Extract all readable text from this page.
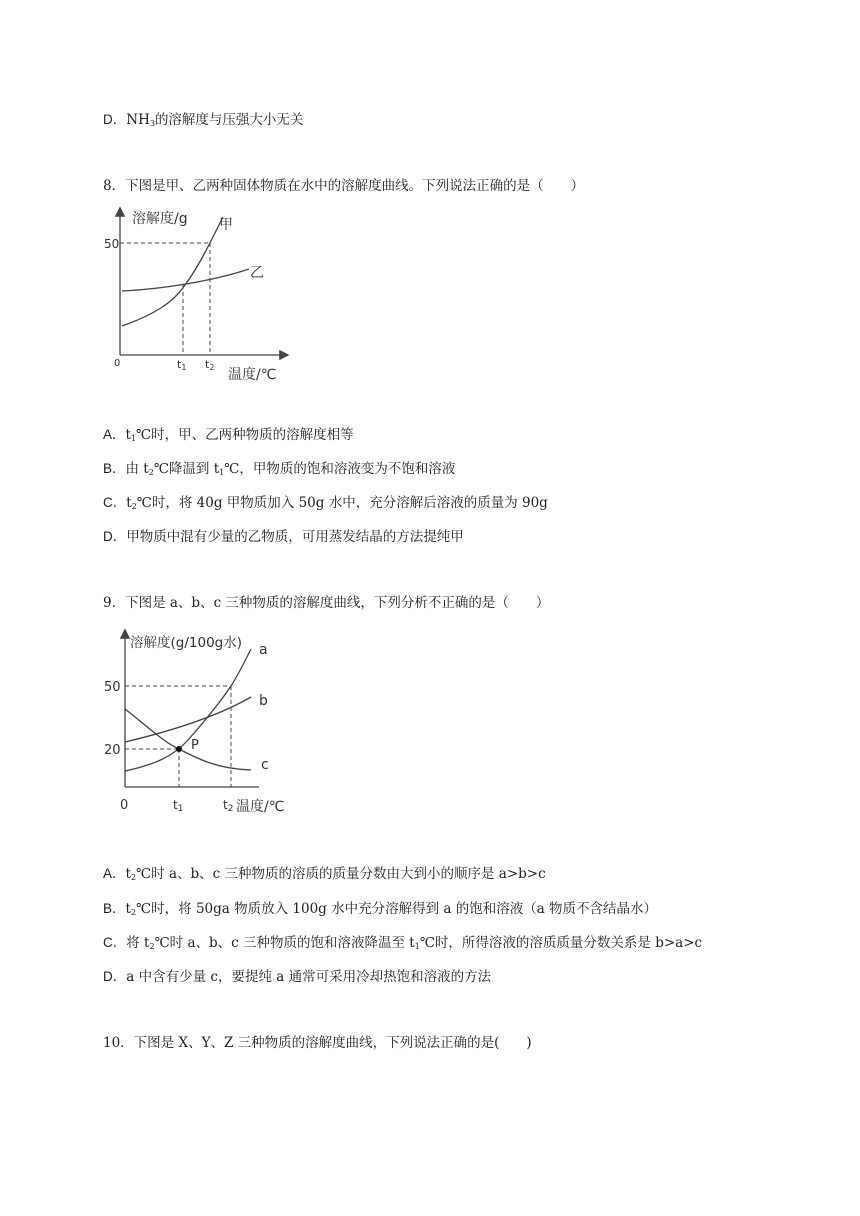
D．$NH_3$的溶解度与压强大小无关
8．下图是甲、乙两种固体物质在水中的溶解度曲线。下列说法正确的是（　　）
溶解度/g
0
50
甲
乙
t1 t2 温度/℃
A．$t_1℃$时，甲、乙两种物质的溶解度相等
B．由 $t_2℃$降温到 $t_1℃$，甲物质的饱和溶液变为不饱和溶液
C．$t_2℃$时，将 40g 甲物质加入 50g 水中，充分溶解后溶液的质量为 90g
D．甲物质中混有少量的乙物质，可用蒸发结晶的方法提纯甲
9．下图是 a、b、c 三种物质的溶解度曲线，下列分析不正确的是（　　）
溶解度(g/100g水)
0
50
20	P
a
b
c
t1	t2 温度/℃
A．$t_2℃$时 a、b、c 三种物质的溶质的质量分数由大到小的顺序是 a>b>c
B．$t_2℃$时，将 50ga 物质放入 100g 水中充分溶解得到 a 的饱和溶液（a 物质不含结晶水）
C．将 $t_2℃$时 a、b、c 三种物质的饱和溶液降温至 $t_1℃$时，所得溶液的溶质质量分数关系是 b>a>c
D．a 中含有少量 c，要提纯 a 通常可采用冷却热饱和溶液的方法
10．下图是 X、Y、Z 三种物质的溶解度曲线，下列说法正确的是(　　)
